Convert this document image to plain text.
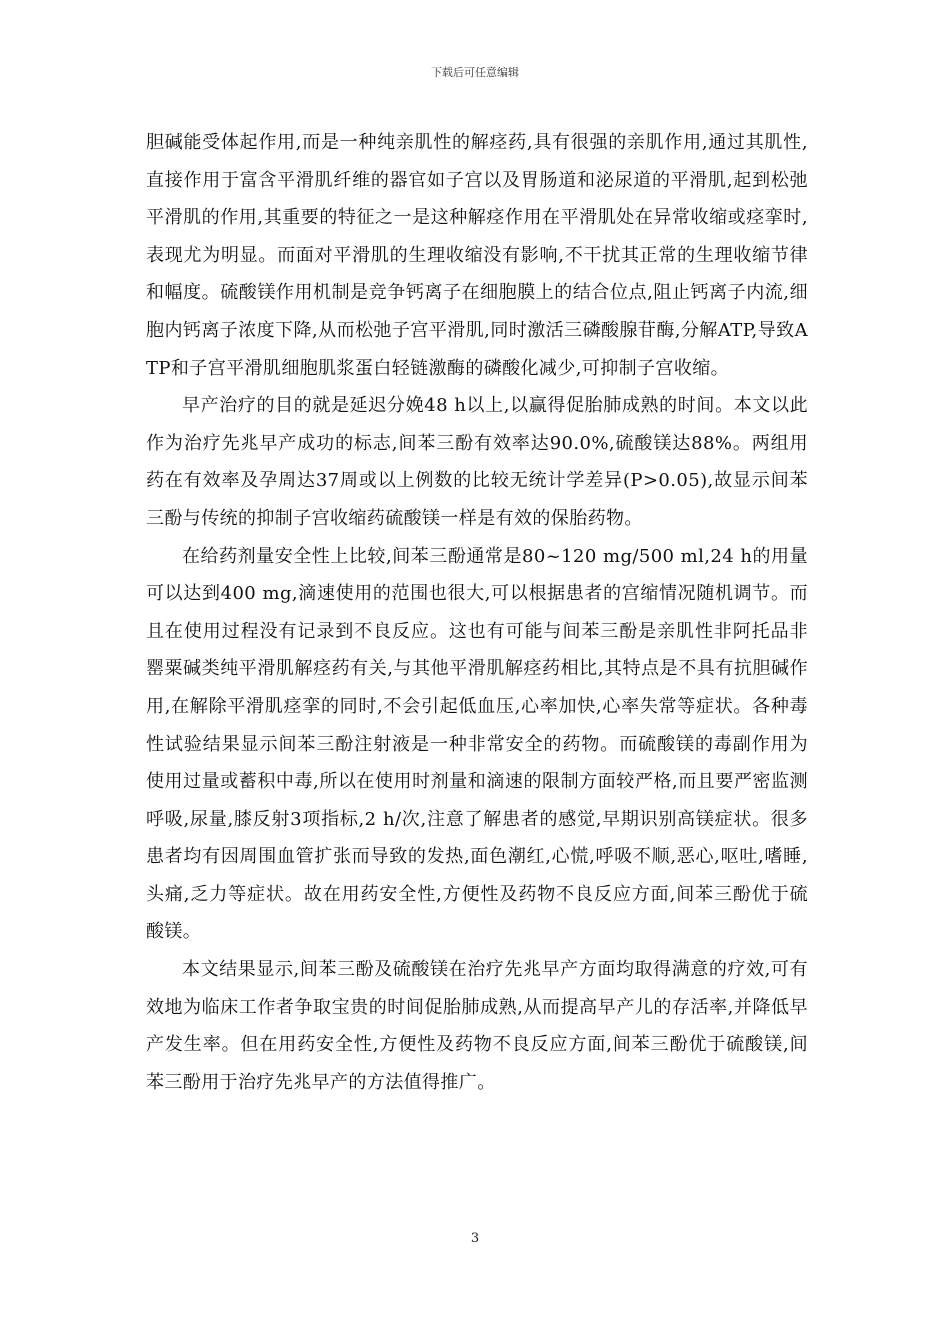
下载后可任意编辑

胆碱能受体起作用,而是一种纯亲肌性的解痉药,具有很强的亲肌作用,通过其肌性,直接作用于富含平滑肌纤维的器官如子宫以及胃肠道和泌尿道的平滑肌,起到松弛平滑肌的作用,其重要的特征之一是这种解痉作用在平滑肌处在异常收缩或痉挛时,表现尤为明显。而面对平滑肌的生理收缩没有影响,不干扰其正常的生理收缩节律和幅度。硫酸镁作用机制是竞争钙离子在细胞膜上的结合位点,阻止钙离子内流,细胞内钙离子浓度下降,从而松弛子宫平滑肌,同时激活三磷酸腺苷酶,分解ATP,导致ATP和子宫平滑肌细胞肌浆蛋白轻链激酶的磷酸化减少,可抑制子宫收缩。

早产治疗的目的就是延迟分娩48 h以上,以赢得促胎肺成熟的时间。本文以此作为治疗先兆早产成功的标志,间苯三酚有效率达90.0%,硫酸镁达88%。两组用药在有效率及孕周达37周或以上例数的比较无统计学差异(P>0.05),故显示间苯三酚与传统的抑制子宫收缩药硫酸镁一样是有效的保胎药物。

在给药剂量安全性上比较,间苯三酚通常是80~120 mg/500 ml,24 h的用量可以达到400 mg,滴速使用的范围也很大,可以根据患者的宫缩情况随机调节。而且在使用过程没有记录到不良反应。这也有可能与间苯三酚是亲肌性非阿托品非罂粟碱类纯平滑肌解痉药有关,与其他平滑肌解痉药相比,其特点是不具有抗胆碱作用,在解除平滑肌痉挛的同时,不会引起低血压,心率加快,心率失常等症状。各种毒性试验结果显示间苯三酚注射液是一种非常安全的药物。而硫酸镁的毒副作用为使用过量或蓄积中毒,所以在使用时剂量和滴速的限制方面较严格,而且要严密监测呼吸,尿量,膝反射3项指标,2 h/次,注意了解患者的感觉,早期识别高镁症状。很多患者均有因周围血管扩张而导致的发热,面色潮红,心慌,呼吸不顺,恶心,呕吐,嗜睡,头痛,乏力等症状。故在用药安全性,方便性及药物不良反应方面,间苯三酚优于硫酸镁。

本文结果显示,间苯三酚及硫酸镁在治疗先兆早产方面均取得满意的疗效,可有效地为临床工作者争取宝贵的时间促胎肺成熟,从而提高早产儿的存活率,并降低早产发生率。但在用药安全性,方便性及药物不良反应方面,间苯三酚优于硫酸镁,间苯三酚用于治疗先兆早产的方法值得推广。

3
